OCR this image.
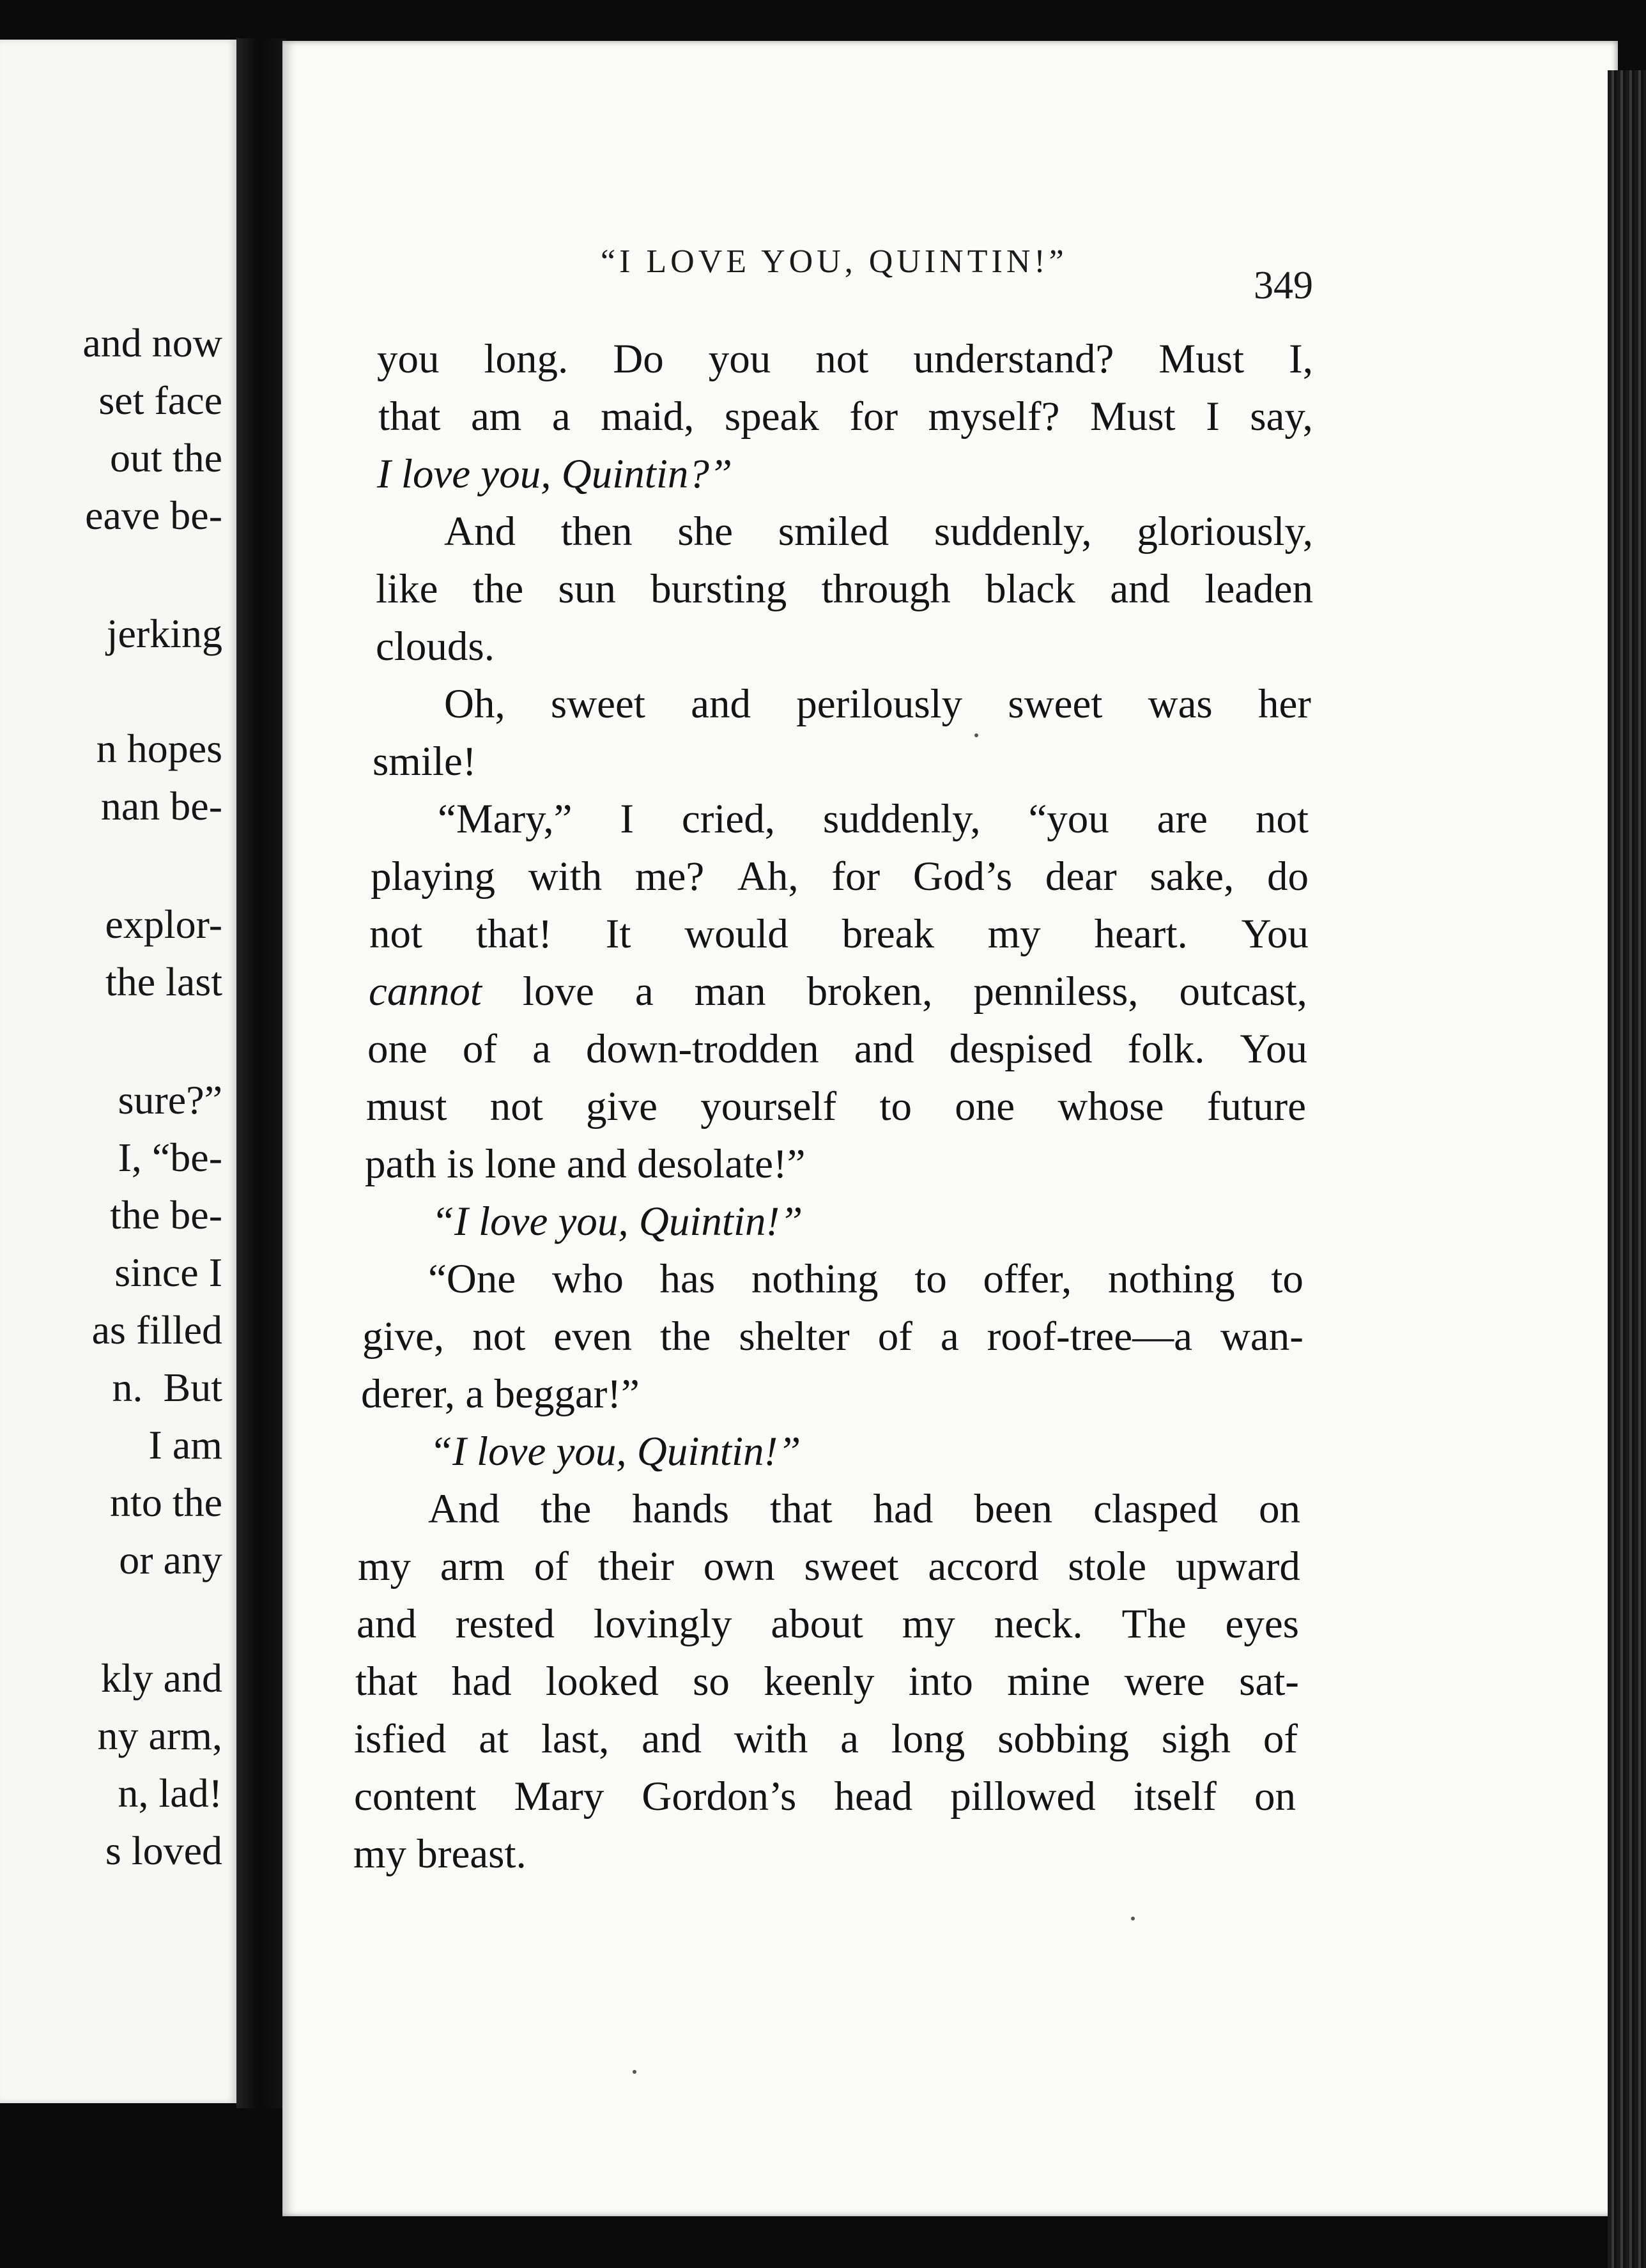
and now
set face
out the
eave be-
jerking
n hopes
nan be-
explor-
the last
sure?”
I, “be-
the be-
since I
as filled
n.  But
I am
nto the
or any
kly and
ny arm,
n, lad!
s loved
“I LOVE YOU, QUINTIN!”
349
you long. Do you not understand? Must I,
that am a maid, speak for myself? Must I say,
I love you, Quintin?”
And then she smiled suddenly, gloriously,
like the sun bursting through black and leaden
clouds.
Oh, sweet and perilously sweet was her
smile!
“Mary,” I cried, suddenly, “you are not
playing with me? Ah, for God’s dear sake, do
not that! It would break my heart. You
cannot love a man broken, penniless, outcast,
one of a down-trodden and despised folk. You
must not give yourself to one whose future
path is lone and desolate!”
“I love you, Quintin!”
“One who has nothing to offer, nothing to
give, not even the shelter of a roof-tree—a wan-
derer, a beggar!”
“I love you, Quintin!”
And the hands that had been clasped on
my arm of their own sweet accord stole upward
and rested lovingly about my neck. The eyes
that had looked so keenly into mine were sat-
isfied at last, and with a long sobbing sigh of
content Mary Gordon’s head pillowed itself on
my breast.
